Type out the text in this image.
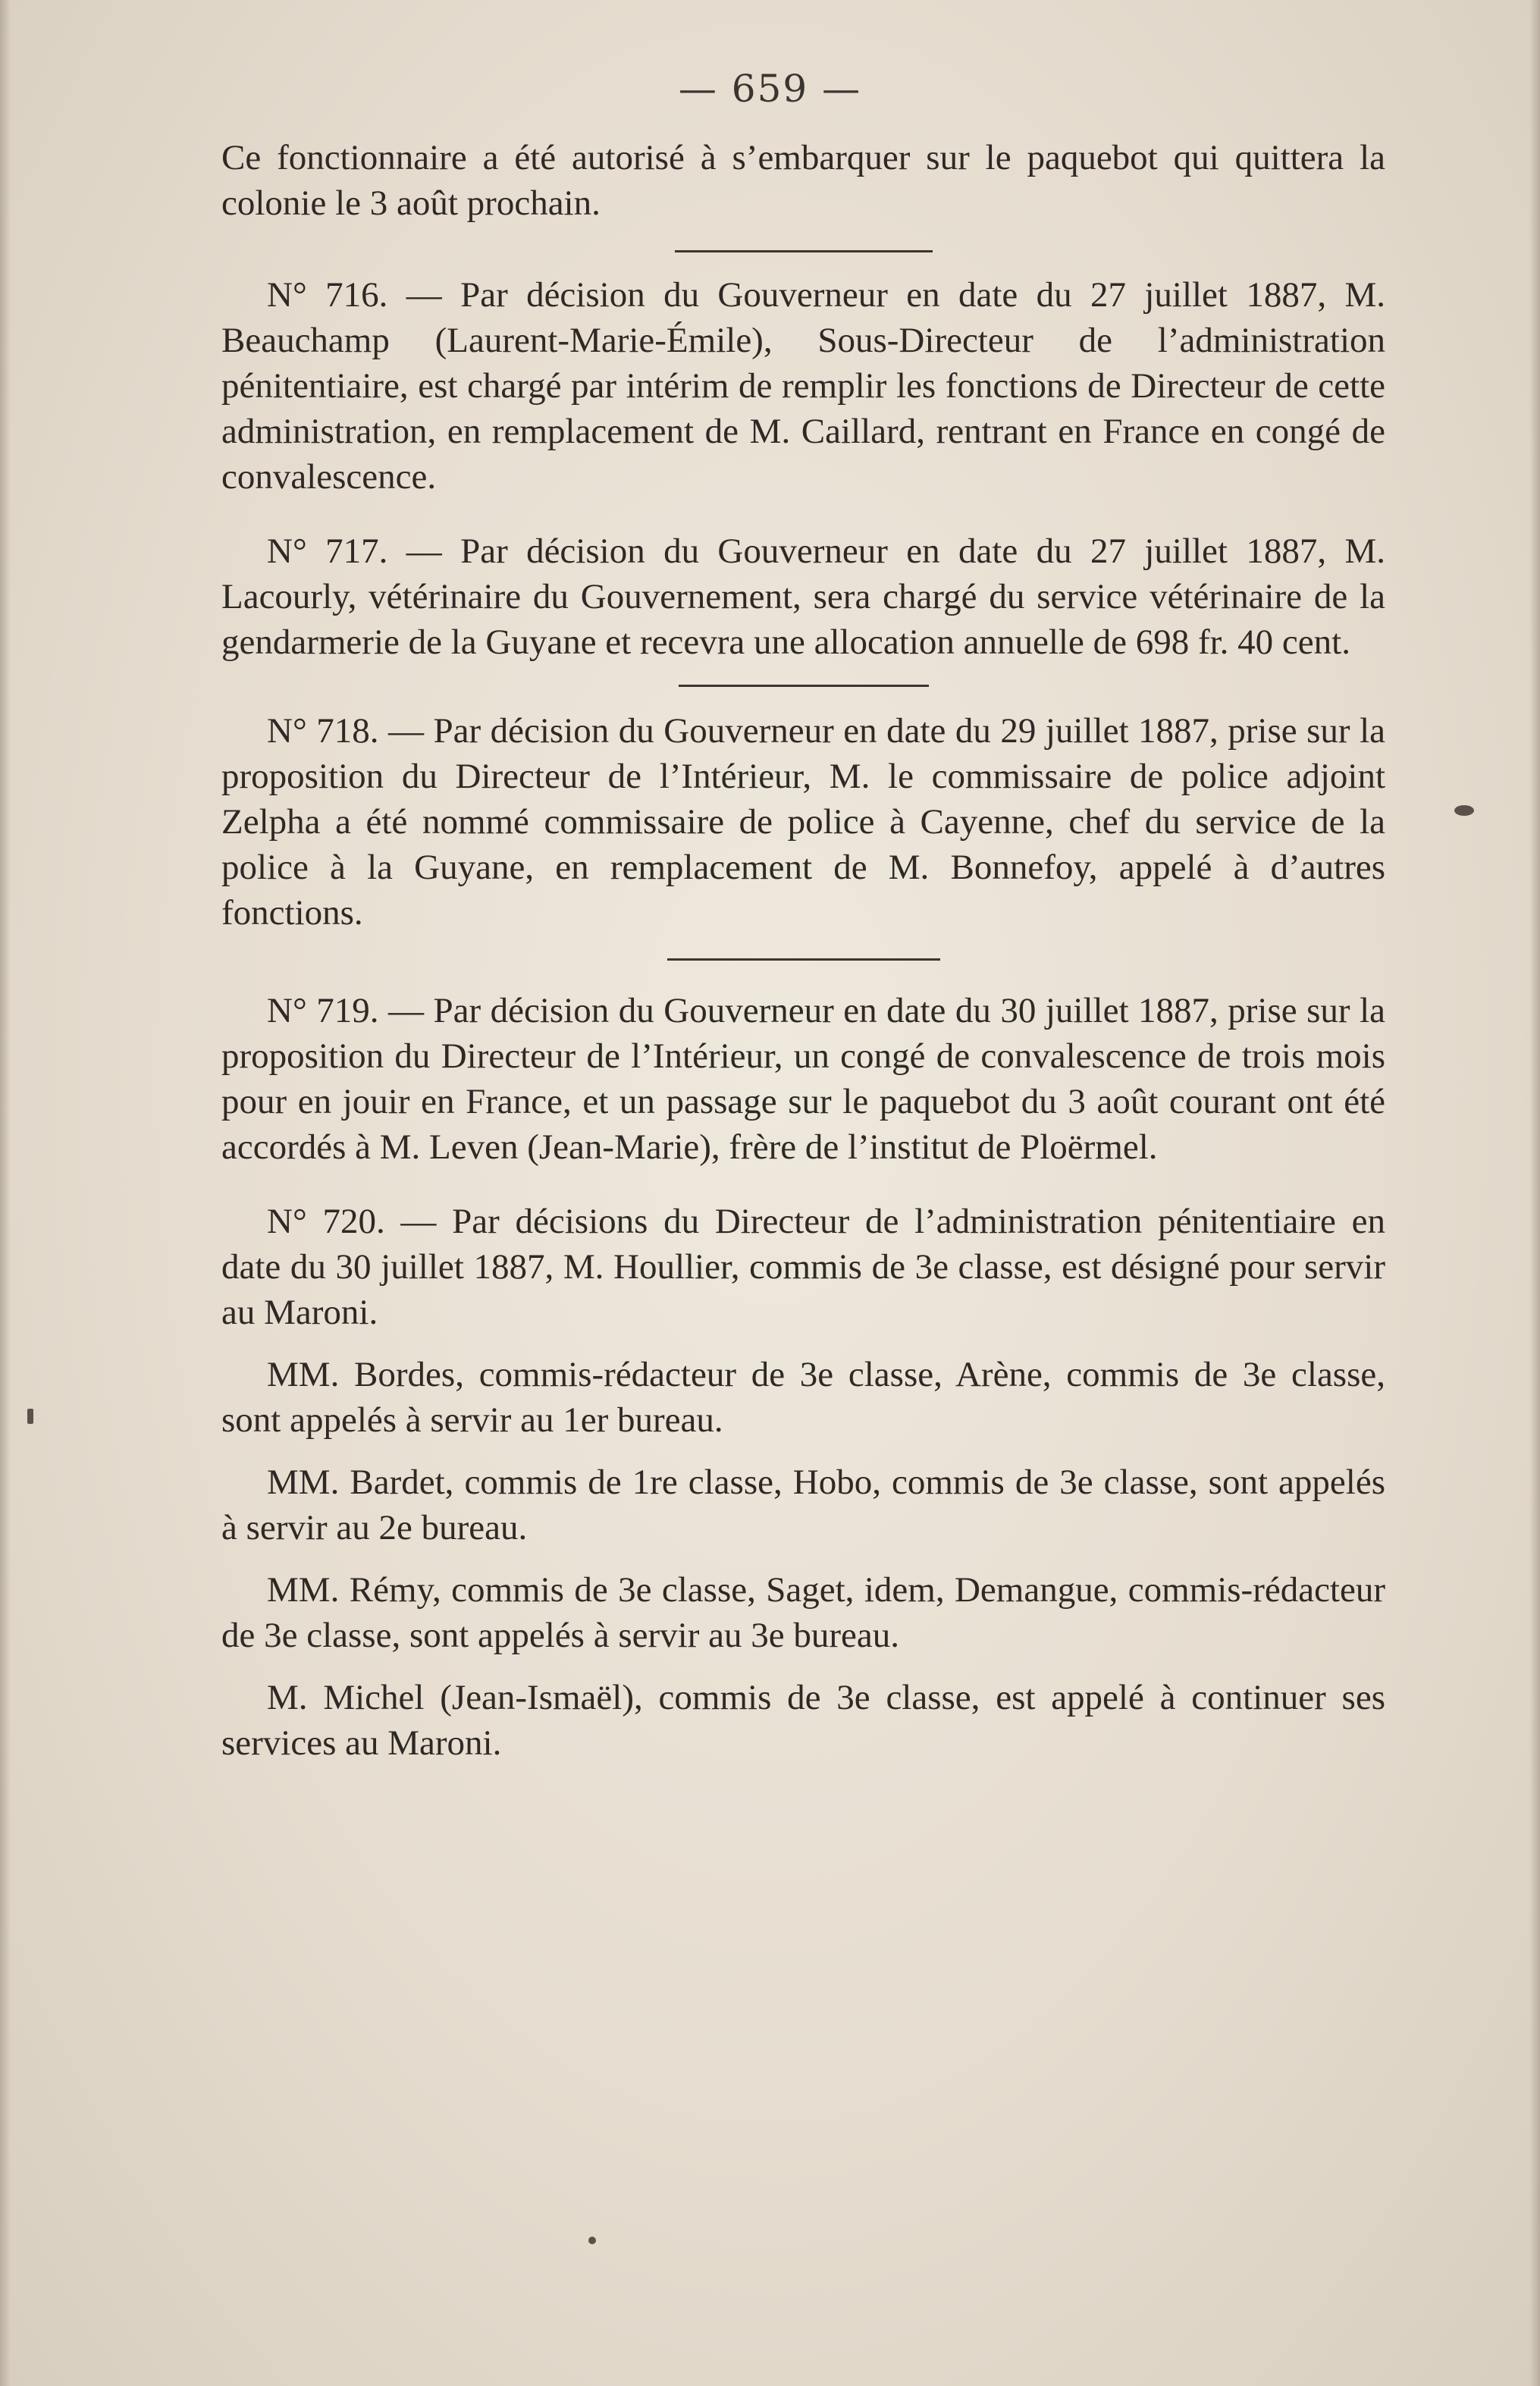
— 659 —

Ce fonctionnaire a été autorisé à s’embarquer sur le paquebot qui quittera la colonie le 3 août prochain.

N° 716. — Par décision du Gouverneur en date du 27 juillet 1887, M. Beauchamp (Laurent-Marie-Émile), Sous-Directeur de l’administration pénitentiaire, est chargé par intérim de remplir les fonctions de Directeur de cette administration, en remplacement de M. Caillard, rentrant en France en congé de convalescence.

N° 717. — Par décision du Gouverneur en date du 27 juillet 1887, M. Lacourly, vétérinaire du Gouvernement, sera chargé du service vétérinaire de la gendarmerie de la Guyane et recevra une allocation annuelle de 698 fr. 40 cent.

N° 718. — Par décision du Gouverneur en date du 29 juillet 1887, prise sur la proposition du Directeur de l’Intérieur, M. le commissaire de police adjoint Zelpha a été nommé commissaire de police à Cayenne, chef du service de la police à la Guyane, en remplacement de M. Bonnefoy, appelé à d’autres fonctions.

N° 719. — Par décision du Gouverneur en date du 30 juillet 1887, prise sur la proposition du Directeur de l’Intérieur, un congé de convalescence de trois mois pour en jouir en France, et un passage sur le paquebot du 3 août courant ont été accordés à M. Leven (Jean-Marie), frère de l’institut de Ploërmel.

N° 720. — Par décisions du Directeur de l’administration pénitentiaire en date du 30 juillet 1887, M. Houllier, commis de 3e classe, est désigné pour servir au Maroni.

MM. Bordes, commis-rédacteur de 3e classe, Arène, commis de 3e classe, sont appelés à servir au 1er bureau.

MM. Bardet, commis de 1re classe, Hobo, commis de 3e classe, sont appelés à servir au 2e bureau.

MM. Rémy, commis de 3e classe, Saget, idem, Demangue, commis-rédacteur de 3e classe, sont appelés à servir au 3e bureau.

M. Michel (Jean-Ismaël), commis de 3e classe, est appelé à continuer ses services au Maroni.
